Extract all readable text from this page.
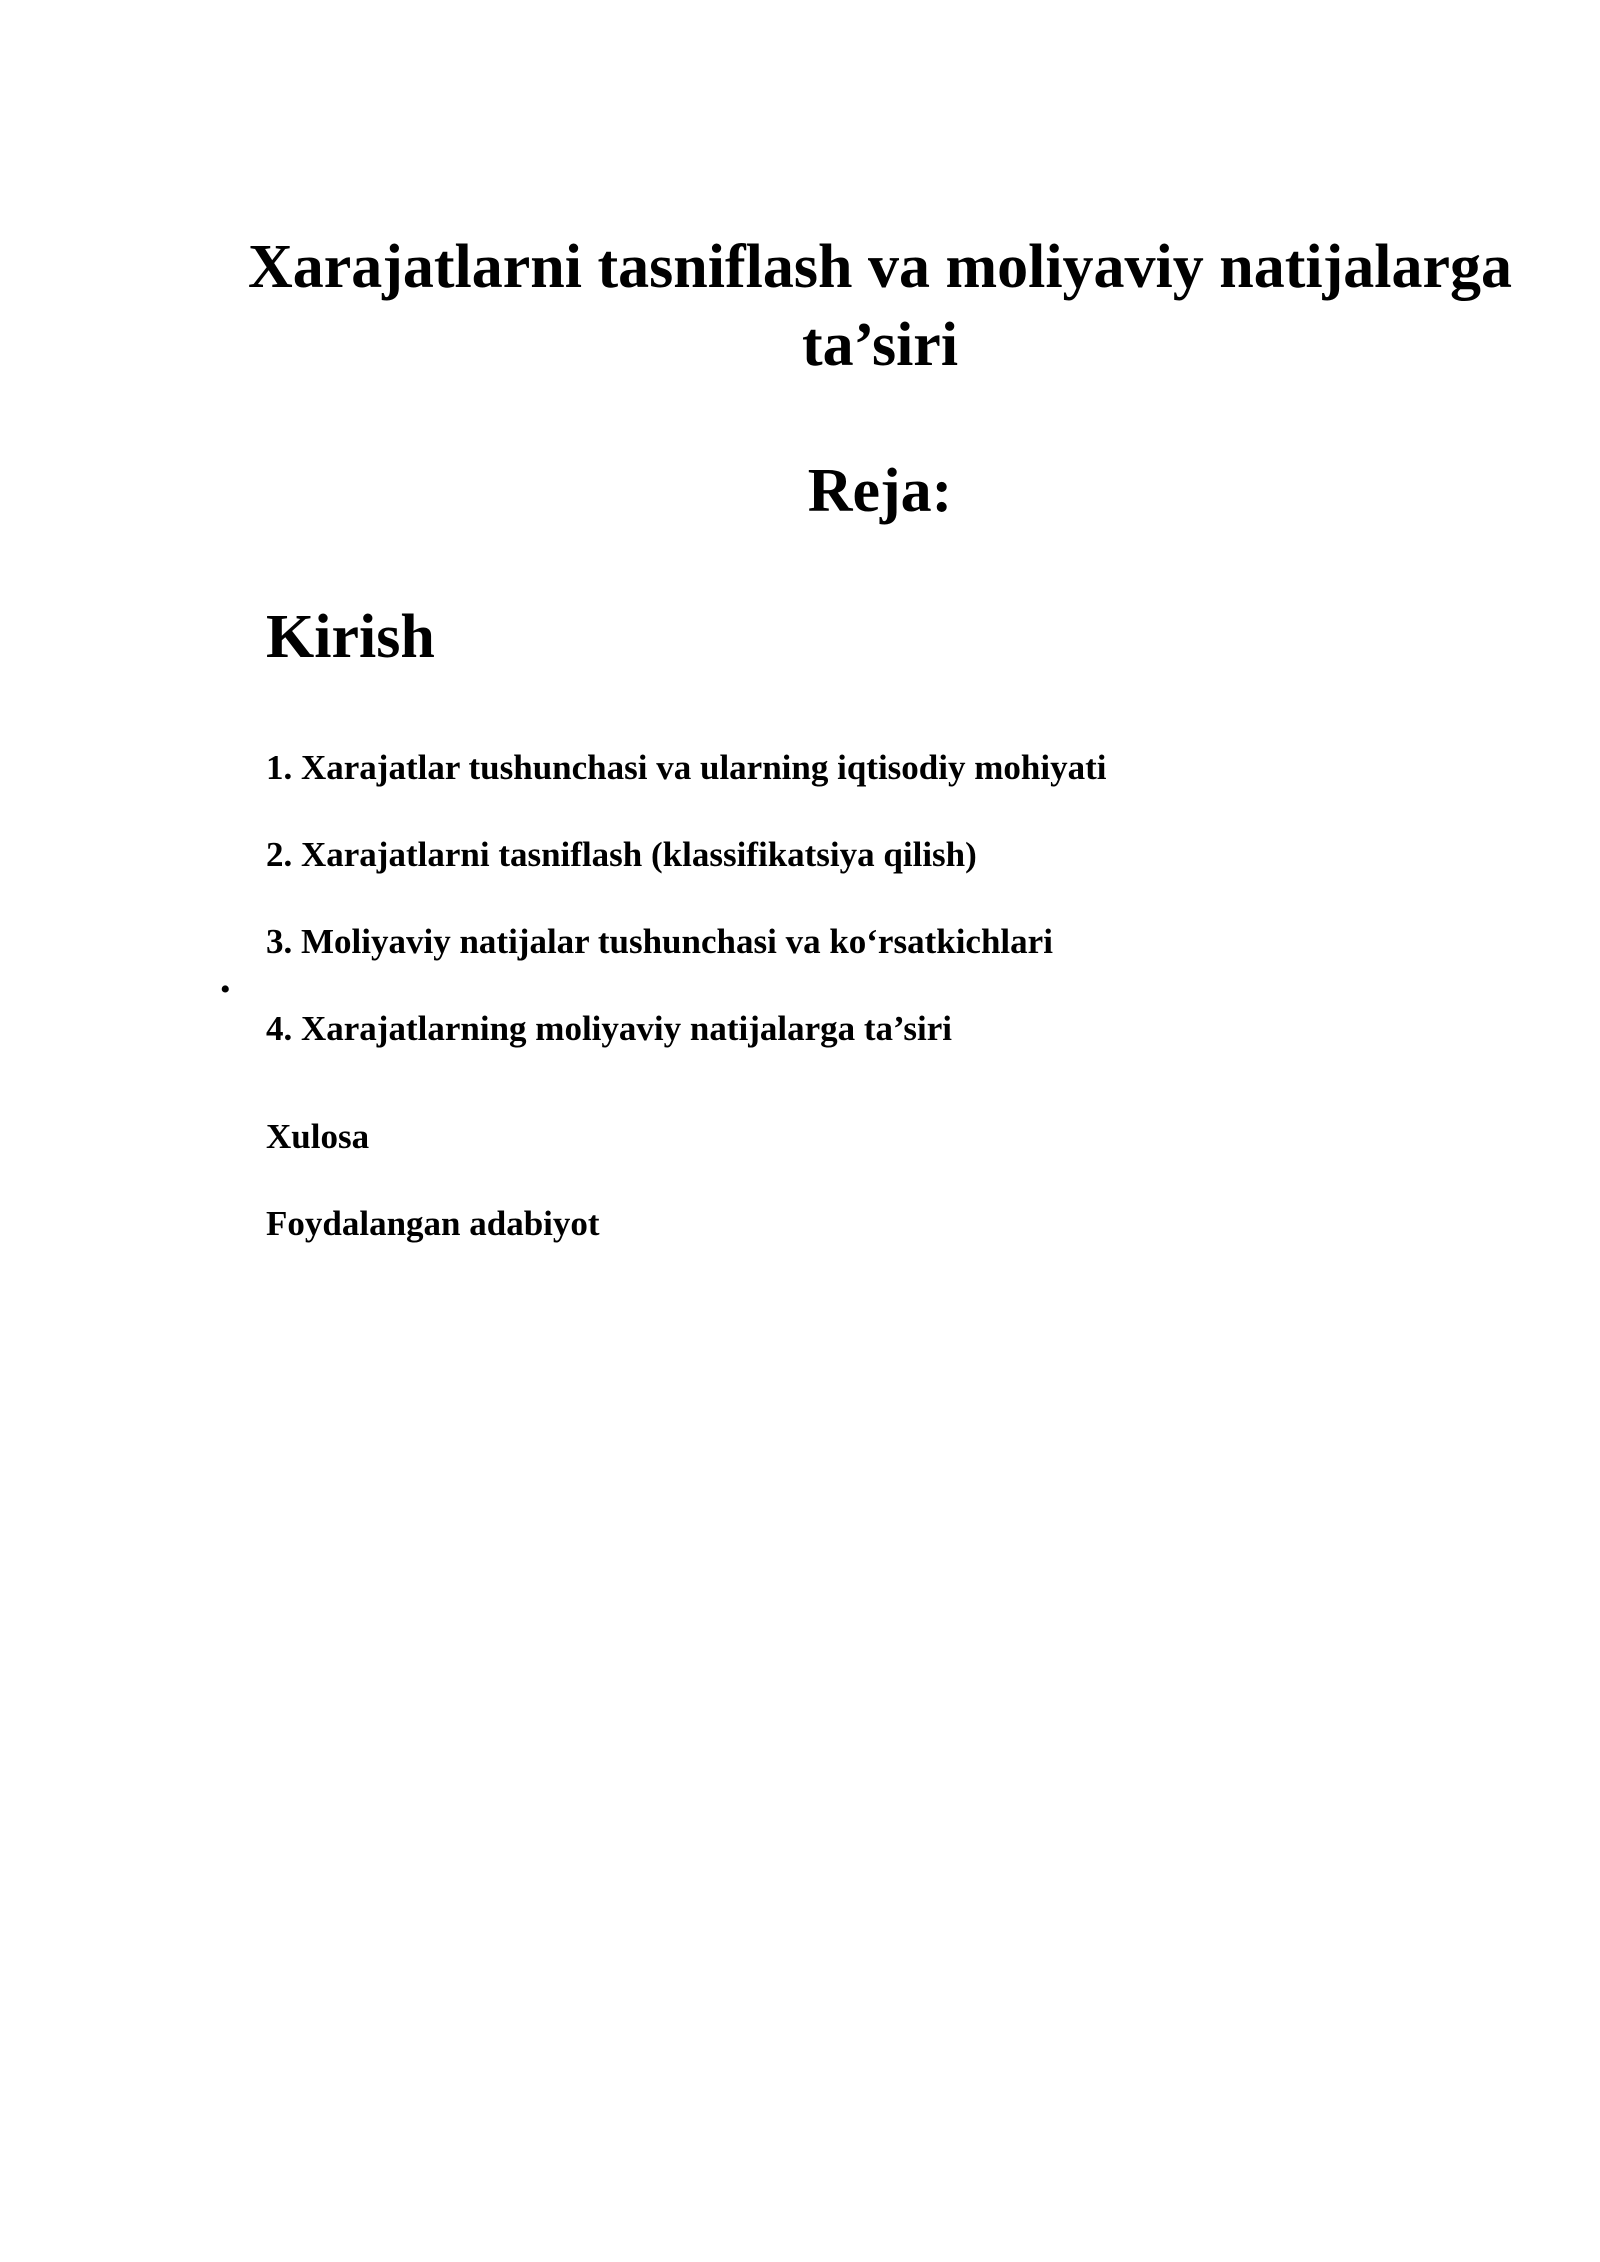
Xarajatlarni tasniflash va moliyaviy natijalarga ta’siri
Reja:
Kirish

1. Xarajatlar tushunchasi va ularning iqtisodiy mohiyati

2. Xarajatlarni tasniflash (klassifikatsiya qilish)

3. Moliyaviy natijalar tushunchasi va ko‘rsatkichlari

•

4. Xarajatlarning moliyaviy natijalarga ta’siri

Xulosa

Foydalangan adabiyot
